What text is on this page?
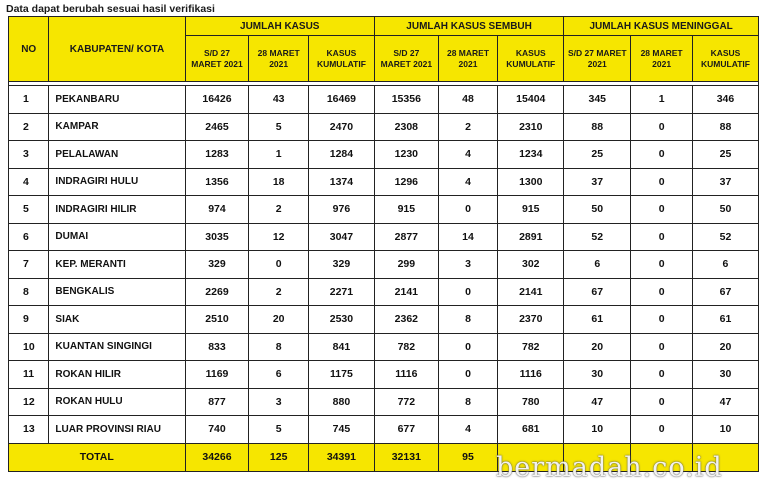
Data dapat berubah sesuai hasil verifikasi
NO	KABUPATEN/ KOTA	JUMLAH KASUS			JUMLAH KASUS SEMBUH			JUMLAH KASUS MENINGGAL		
		S/D 27 MARET 2021	28 MARET 2021	KASUS KUMULATIF	S/D 27 MARET 2021	28 MARET 2021	KASUS KUMULATIF	S/D 27 MARET 2021	28 MARET 2021	KASUS KUMULATIF

1	PEKANBARU	16426	43	16469	15356	48	15404	345	1	346
2	KAMPAR	2465	5	2470	2308	2	2310	88	0	88
3	PELALAWAN	1283	1	1284	1230	4	1234	25	0	25
4	INDRAGIRI HULU	1356	18	1374	1296	4	1300	37	0	37
5	INDRAGIRI HILIR	974	2	976	915	0	915	50	0	50
6	DUMAI	3035	12	3047	2877	14	2891	52	0	52
7	KEP. MERANTI	329	0	329	299	3	302	6	0	6
8	BENGKALIS	2269	2	2271	2141	0	2141	67	0	67
9	SIAK	2510	20	2530	2362	8	2370	61	0	61
10	KUANTAN SINGINGI	833	8	841	782	0	782	20	0	20
11	ROKAN HILIR	1169	6	1175	1116	0	1116	30	0	30
12	ROKAN HULU	877	3	880	772	8	780	47	0	47
13	LUAR PROVINSI RIAU	740	5	745	677	4	681	10	0	10
TOTAL		34266	125	34391	32131	95				bermadah.co.id
